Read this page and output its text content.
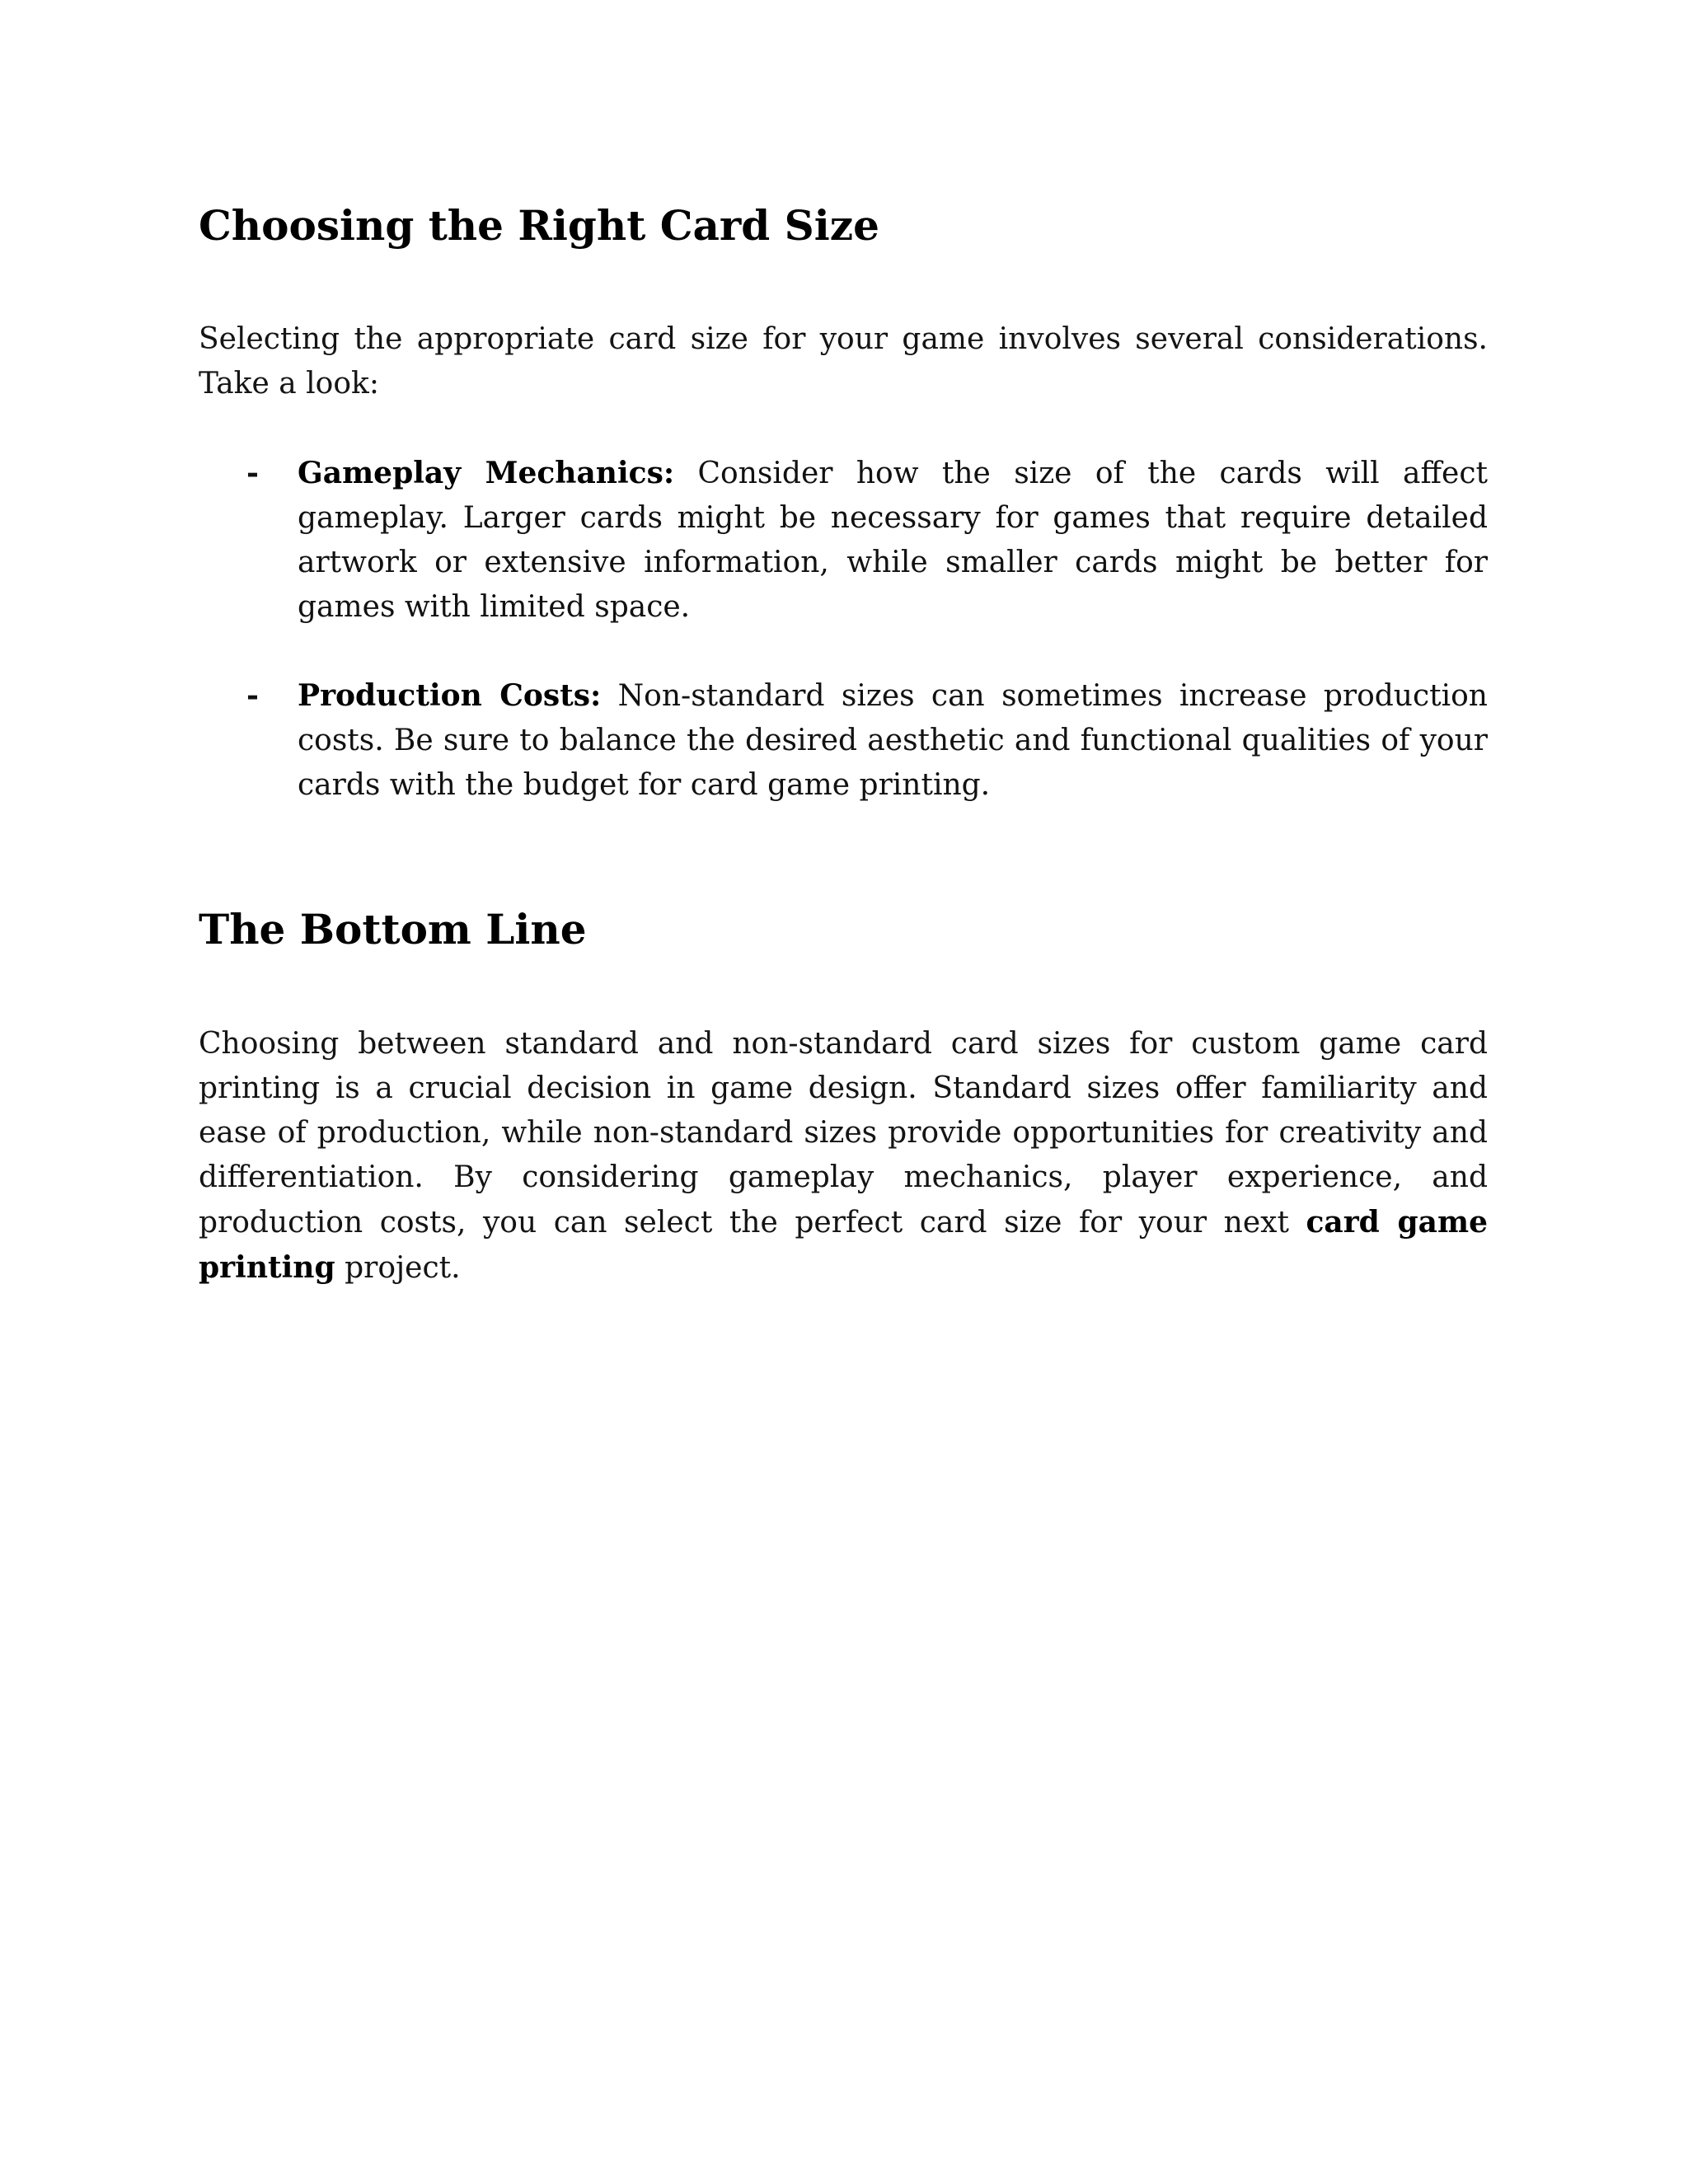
Choosing the Right Card Size

Selecting the appropriate card size for your game involves several considerations. Take a look:

- Gameplay Mechanics: Consider how the size of the cards will affect gameplay. Larger cards might be necessary for games that require detailed artwork or extensive information, while smaller cards might be better for games with limited space.
- Production Costs: Non-standard sizes can sometimes increase production costs. Be sure to balance the desired aesthetic and functional qualities of your cards with the budget for card game printing.
The Bottom Line

Choosing between standard and non-standard card sizes for custom game card printing is a crucial decision in game design. Standard sizes offer familiarity and ease of production, while non-standard sizes provide opportunities for creativity and differentiation. By considering gameplay mechanics, player experience, and production costs, you can select the perfect card size for your next card game printing project.
